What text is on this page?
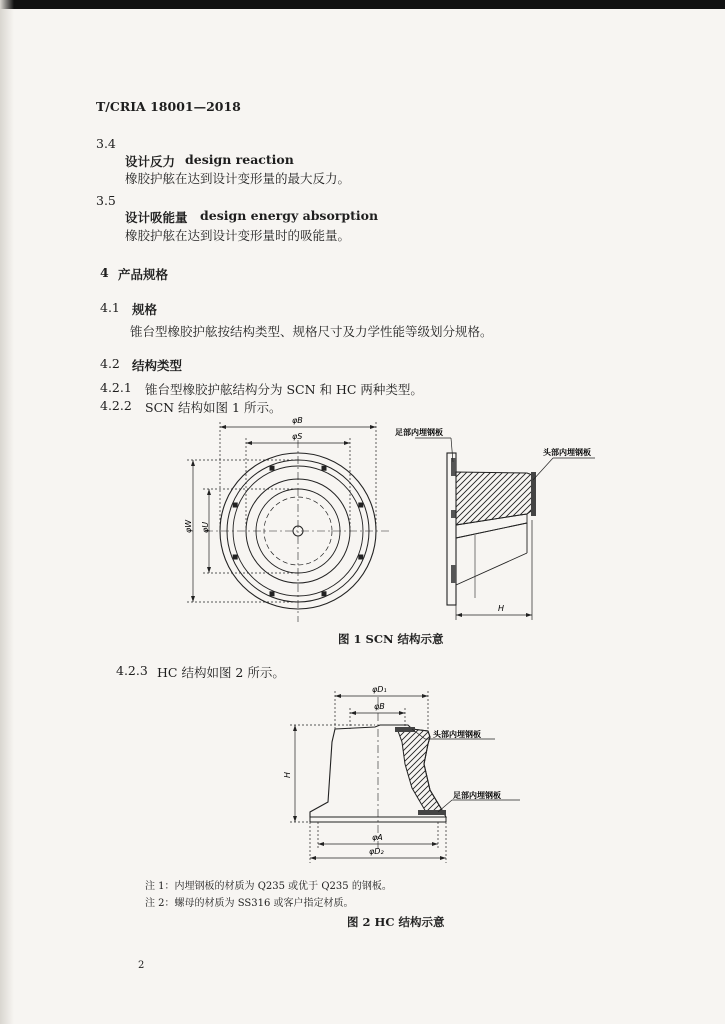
T/CRIA 18001—2018
3.4
设计反力 design reaction
橡胶护舷在达到设计变形量的最大反力。
3.5
设计吸能量 design energy absorption
橡胶护舷在达到设计变形量时的吸能量。
4 产品规格
4.1 规格
锥台型橡胶护舷按结构类型、规格尺寸及力学性能等级划分规格。
4.2 结构类型
4.2.1 锥台型橡胶护舷结构分为 SCN 和 HC 两种类型。
4.2.2 SCN 结构如图 1 所示。
φB
φS
φW φU
H
足部内埋钢板
头部内埋钢板
图 1 SCN 结构示意
4.2.3 HC 结构如图 2 所示。
φD₁
φB
H
φA
φD₂
头部内埋钢板
足部内埋钢板
注 1：内埋钢板的材质为 Q235 或优于 Q235 的钢板。
注 2：螺母的材质为 SS316 或客户指定材质。
图 2 HC 结构示意
2
